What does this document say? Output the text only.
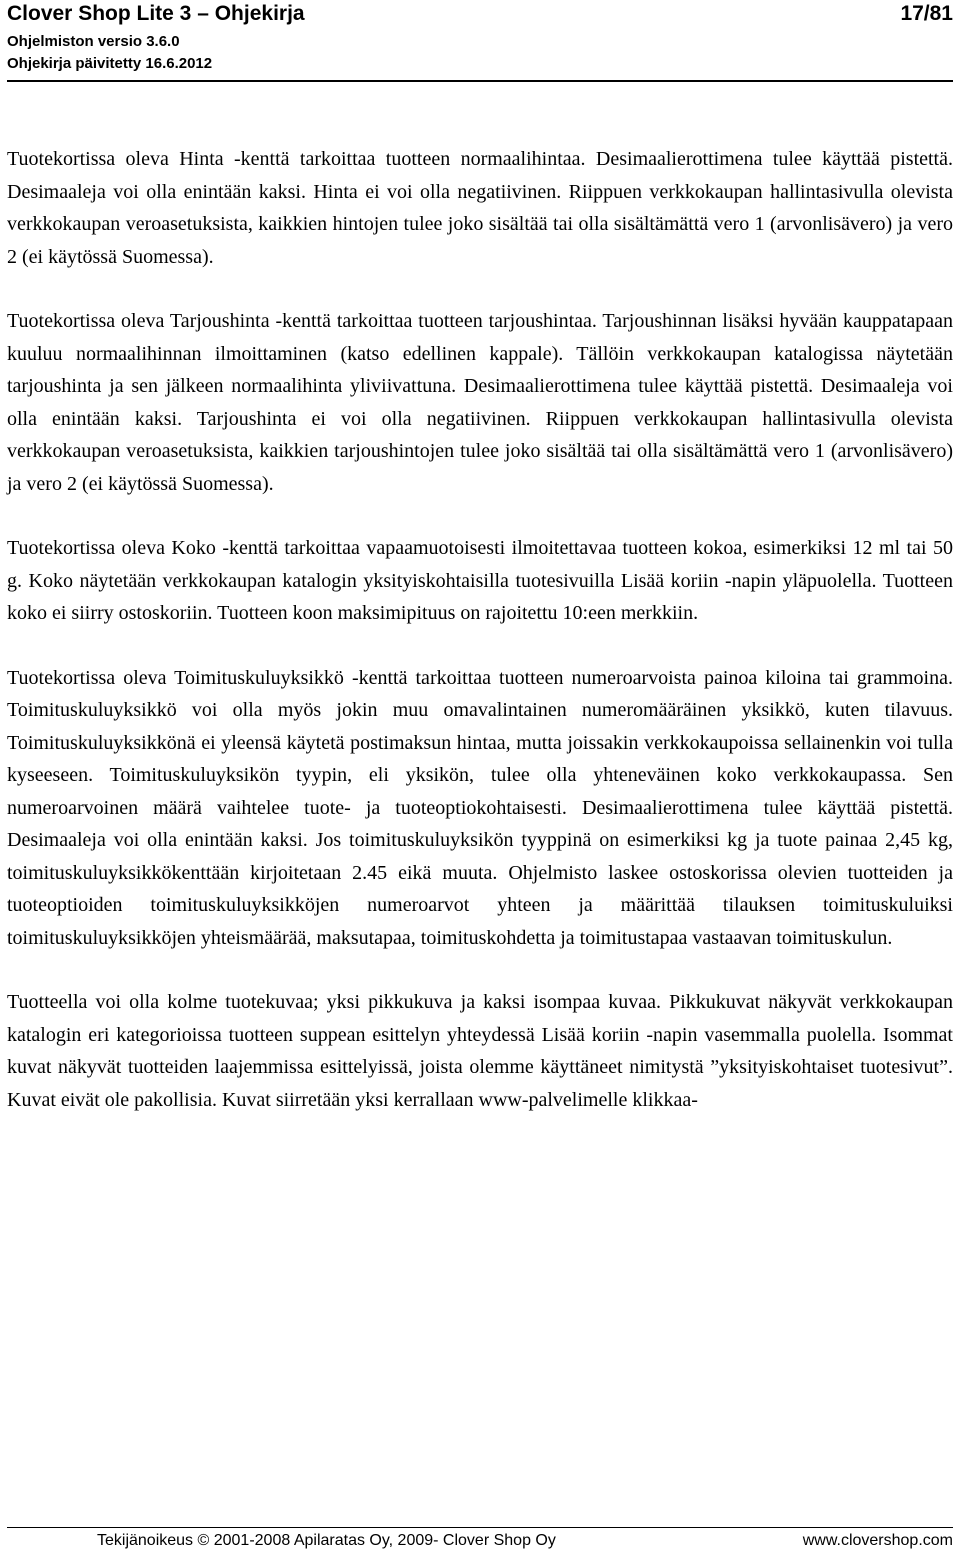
Clover Shop Lite 3 – Ohjekirja	17/81
Ohjelmiston versio 3.6.0
Ohjekirja päivitetty 16.6.2012

Tuotekortissa oleva Hinta -kenttä tarkoittaa tuotteen normaalihintaa. Desimaalierottimena tulee käyttää pistettä. Desimaaleja voi olla enintään kaksi. Hinta ei voi olla negatiivinen. Riippuen verkkokaupan hallintasivulla olevista verkkokaupan veroasetuksista, kaikkien hintojen tulee joko sisältää tai olla sisältämättä vero 1 (arvonlisävero) ja vero 2 (ei käytössä Suomessa).

Tuotekortissa oleva Tarjoushinta -kenttä tarkoittaa tuotteen tarjoushintaa. Tarjoushinnan lisäksi hyvään kauppatapaan kuuluu normaalihinnan ilmoittaminen (katso edellinen kappale). Tällöin verkkokaupan katalogissa näytetään tarjoushinta ja sen jälkeen normaalihinta yliviivattuna. Desimaalierottimena tulee käyttää pistettä. Desimaaleja voi olla enintään kaksi. Tarjoushinta ei voi olla negatiivinen. Riippuen verkkokaupan hallintasivulla olevista verkkokaupan veroasetuksista, kaikkien tarjoushintojen tulee joko sisältää tai olla sisältämättä vero 1 (arvonlisävero) ja vero 2 (ei käytössä Suomessa).

Tuotekortissa oleva Koko -kenttä tarkoittaa vapaamuotoisesti ilmoitettavaa tuotteen kokoa, esimerkiksi 12 ml tai 50 g. Koko näytetään verkkokaupan katalogin yksityiskohtaisilla tuotesivuilla Lisää koriin -napin yläpuolella. Tuotteen koko ei siirry ostoskoriin. Tuotteen koon maksimipituus on rajoitettu 10:een merkkiin.

Tuotekortissa oleva Toimituskuluyksikkö -kenttä tarkoittaa tuotteen numeroarvoista painoa kiloina tai grammoina. Toimituskuluyksikkö voi olla myös jokin muu omavalintainen numeromääräinen yksikkö, kuten tilavuus. Toimituskuluyksikkönä ei yleensä käytetä postimaksun hintaa, mutta joissakin verkkokaupoissa sellainenkin voi tulla kyseeseen. Toimituskuluyksikön tyypin, eli yksikön, tulee olla yhteneväinen koko verkkokaupassa. Sen numeroarvoinen määrä vaihtelee tuote- ja tuoteoptiokohtaisesti. Desimaalierottimena tulee käyttää pistettä. Desimaaleja voi olla enintään kaksi. Jos toimituskuluyksikön tyyppinä on esimerkiksi kg ja tuote painaa 2,45 kg, toimituskuluyksikkökenttään kirjoitetaan 2.45 eikä muuta. Ohjelmisto laskee ostoskorissa olevien tuotteiden ja tuoteoptioiden toimituskuluyksikköjen numeroarvot yhteen ja määrittää tilauksen toimituskuluiksi toimituskuluyksikköjen yhteismäärää, maksutapaa, toimituskohdetta ja toimitustapaa vastaavan toimituskulun.

Tuotteella voi olla kolme tuotekuvaa; yksi pikkukuva ja kaksi isompaa kuvaa. Pikkukuvat näkyvät verkkokaupan katalogin eri kategorioissa tuotteen suppean esittelyn yhteydessä Lisää koriin -napin vasemmalla puolella. Isommat kuvat näkyvät tuotteiden laajemmissa esittelyissä, joista olemme käyttäneet nimitystä ”yksityiskohtaiset tuotesivut”. Kuvat eivät ole pakollisia. Kuvat siirretään yksi kerrallaan www-palvelimelle klikkaa-

Tekijänoikeus © 2001-2008 Apilaratas Oy, 2009- Clover Shop Oy	www.clovershop.com
